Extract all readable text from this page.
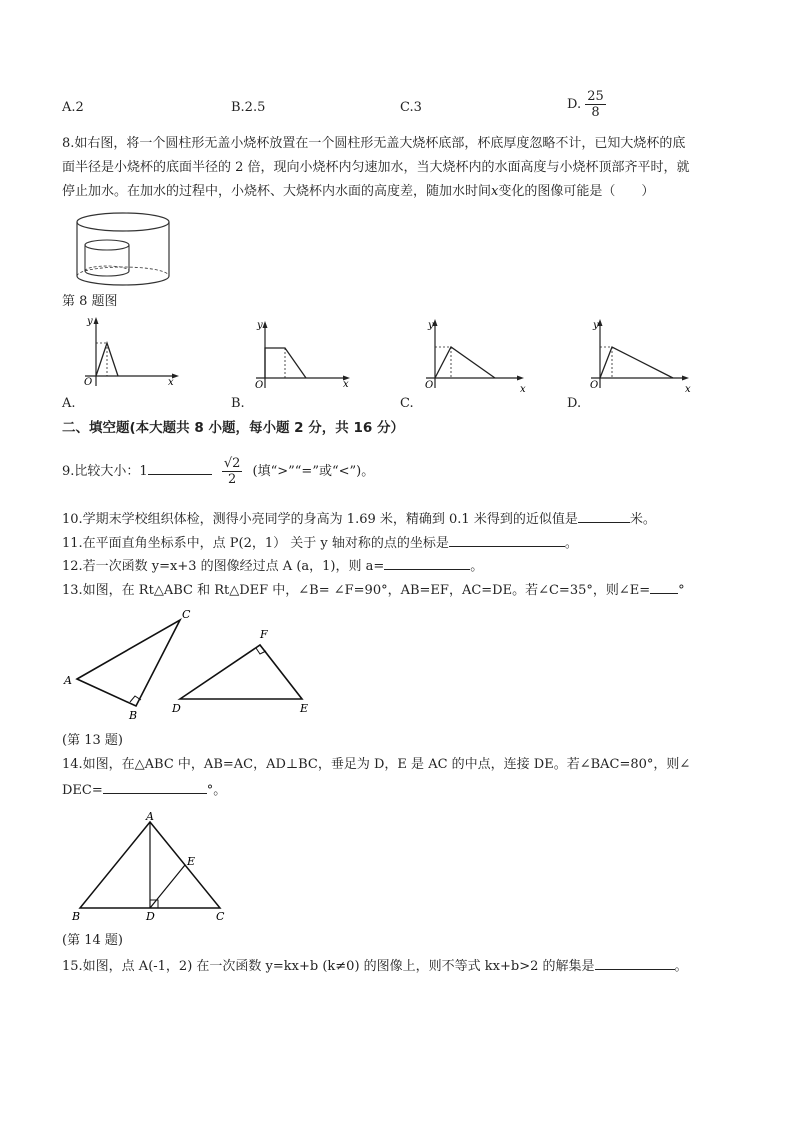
A.2	B.2.5	C.3	D. $\frac{25}{8}$
8.如右图，将一个圆柱形无盖小烧杯放置在一个圆柱形无盖大烧杯底部，杯底厚度忽略不计，已知大烧杯的底
面半径是小烧杯的底面半径的 2 倍，现向小烧杯内匀速加水，当大烧杯内的水面高度与小烧杯顶部齐平时，就
停止加水。在加水的过程中，小烧杯、大烧杯内水面的高度差，随加水时间x变化的图像可能是（　　）
第 8 题图
y
x
O
y
x
O
y
x
O
y
x
O
A.	B.	C.	D.
二、填空题(本大题共 8 小题，每小题 2 分，共 16 分）
9.比较大小：1	$\frac{√2}{2}$ (填“>”“=”或“<”)。
10.学期末学校组织体检，测得小亮同学的身高为 1.69 米，精确到 0.1 米得到的近似值是	米。
11.在平面直角坐标系中，点 P(2，1） 关于 y 轴对称的点的坐标是	。
12.若一次函数 y=x+3 的图像经过点 A (a，1)，则 a=	。
13.如图，在 Rt△ABC 和 Rt△DEF 中，∠B= ∠F=90°，AB=EF，AC=DE。若∠C=35°，则∠E= °
A
B
C
D	E
F
(第 13 题)
14.如图，在△ABC 中，AB=AC，AD⊥BC，垂足为 D，E 是 AC 的中点，连接 DE。若∠BAC=80°，则∠
DEC=	°。
A
B	C
D
E
(第 14 题)
15.如图，点 A(-1，2) 在一次函数 y=kx+b (k≠0) 的图像上，则不等式 kx+b>2 的解集是	。
